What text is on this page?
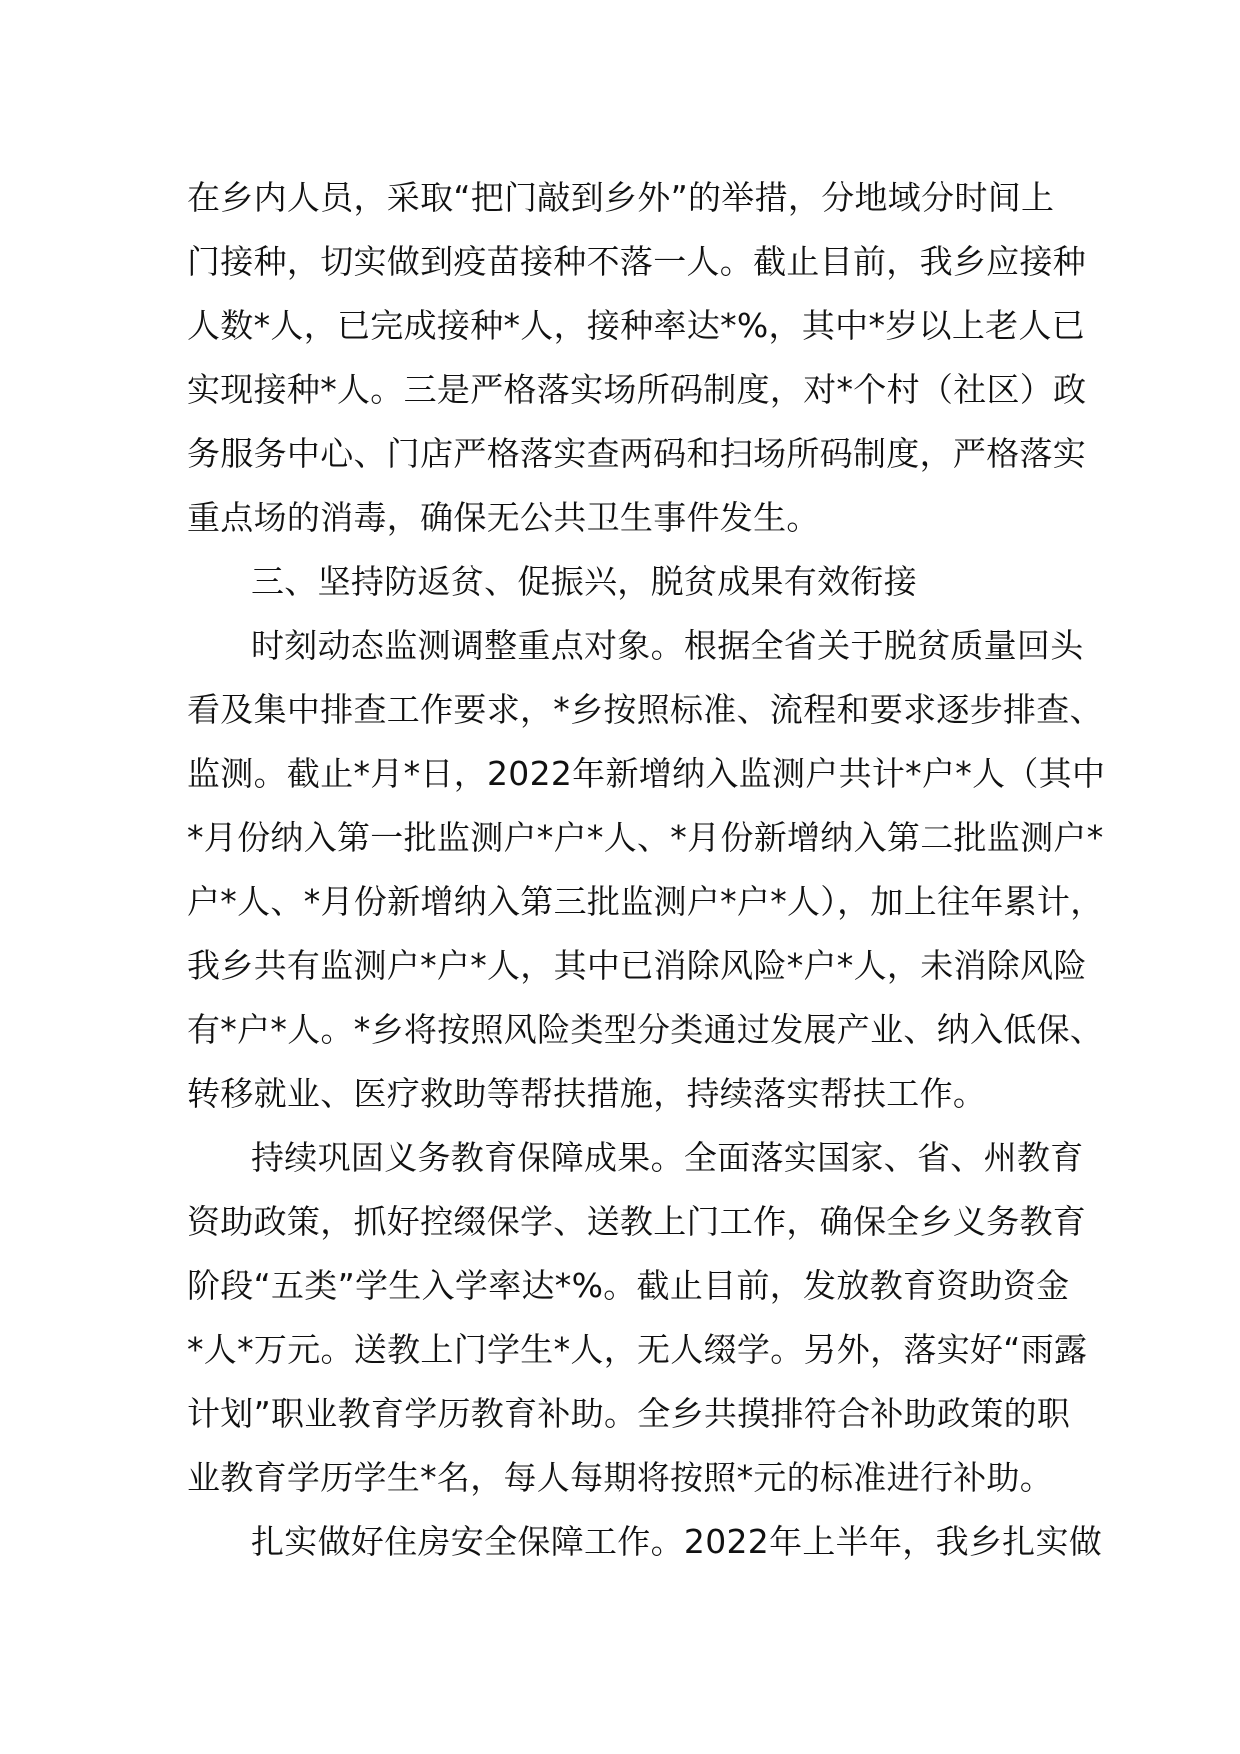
在乡内人员，采取“把门敲到乡外”的举措，分地域分时间上
门接种，切实做到疫苗接种不落一人。截止目前，我乡应接种
人数*人，已完成接种*人，接种率达*%，其中*岁以上老人已
实现接种*人。三是严格落实场所码制度，对*个村（社区）政
务服务中心、门店严格落实查两码和扫场所码制度，严格落实
重点场的消毒，确保无公共卫生事件发生。
三、坚持防返贫、促振兴，脱贫成果有效衔接
时刻动态监测调整重点对象。根据全省关于脱贫质量回头
看及集中排查工作要求，*乡按照标准、流程和要求逐步排查、
监测。截止*月*日，2022年新增纳入监测户共计*户*人（其中
*月份纳入第一批监测户*户*人、*月份新增纳入第二批监测户*
户*人、*月份新增纳入第三批监测户*户*人），加上往年累计，
我乡共有监测户*户*人，其中已消除风险*户*人，未消除风险
有*户*人。*乡将按照风险类型分类通过发展产业、纳入低保、
转移就业、医疗救助等帮扶措施，持续落实帮扶工作。
持续巩固义务教育保障成果。全面落实国家、省、州教育
资助政策，抓好控缀保学、送教上门工作，确保全乡义务教育
阶段“五类”学生入学率达*%。截止目前，发放教育资助资金
*人*万元。送教上门学生*人，无人缀学。另外，落实好“雨露
计划”职业教育学历教育补助。全乡共摸排符合补助政策的职
业教育学历学生*名，每人每期将按照*元的标准进行补助。
扎实做好住房安全保障工作。2022年上半年，我乡扎实做
